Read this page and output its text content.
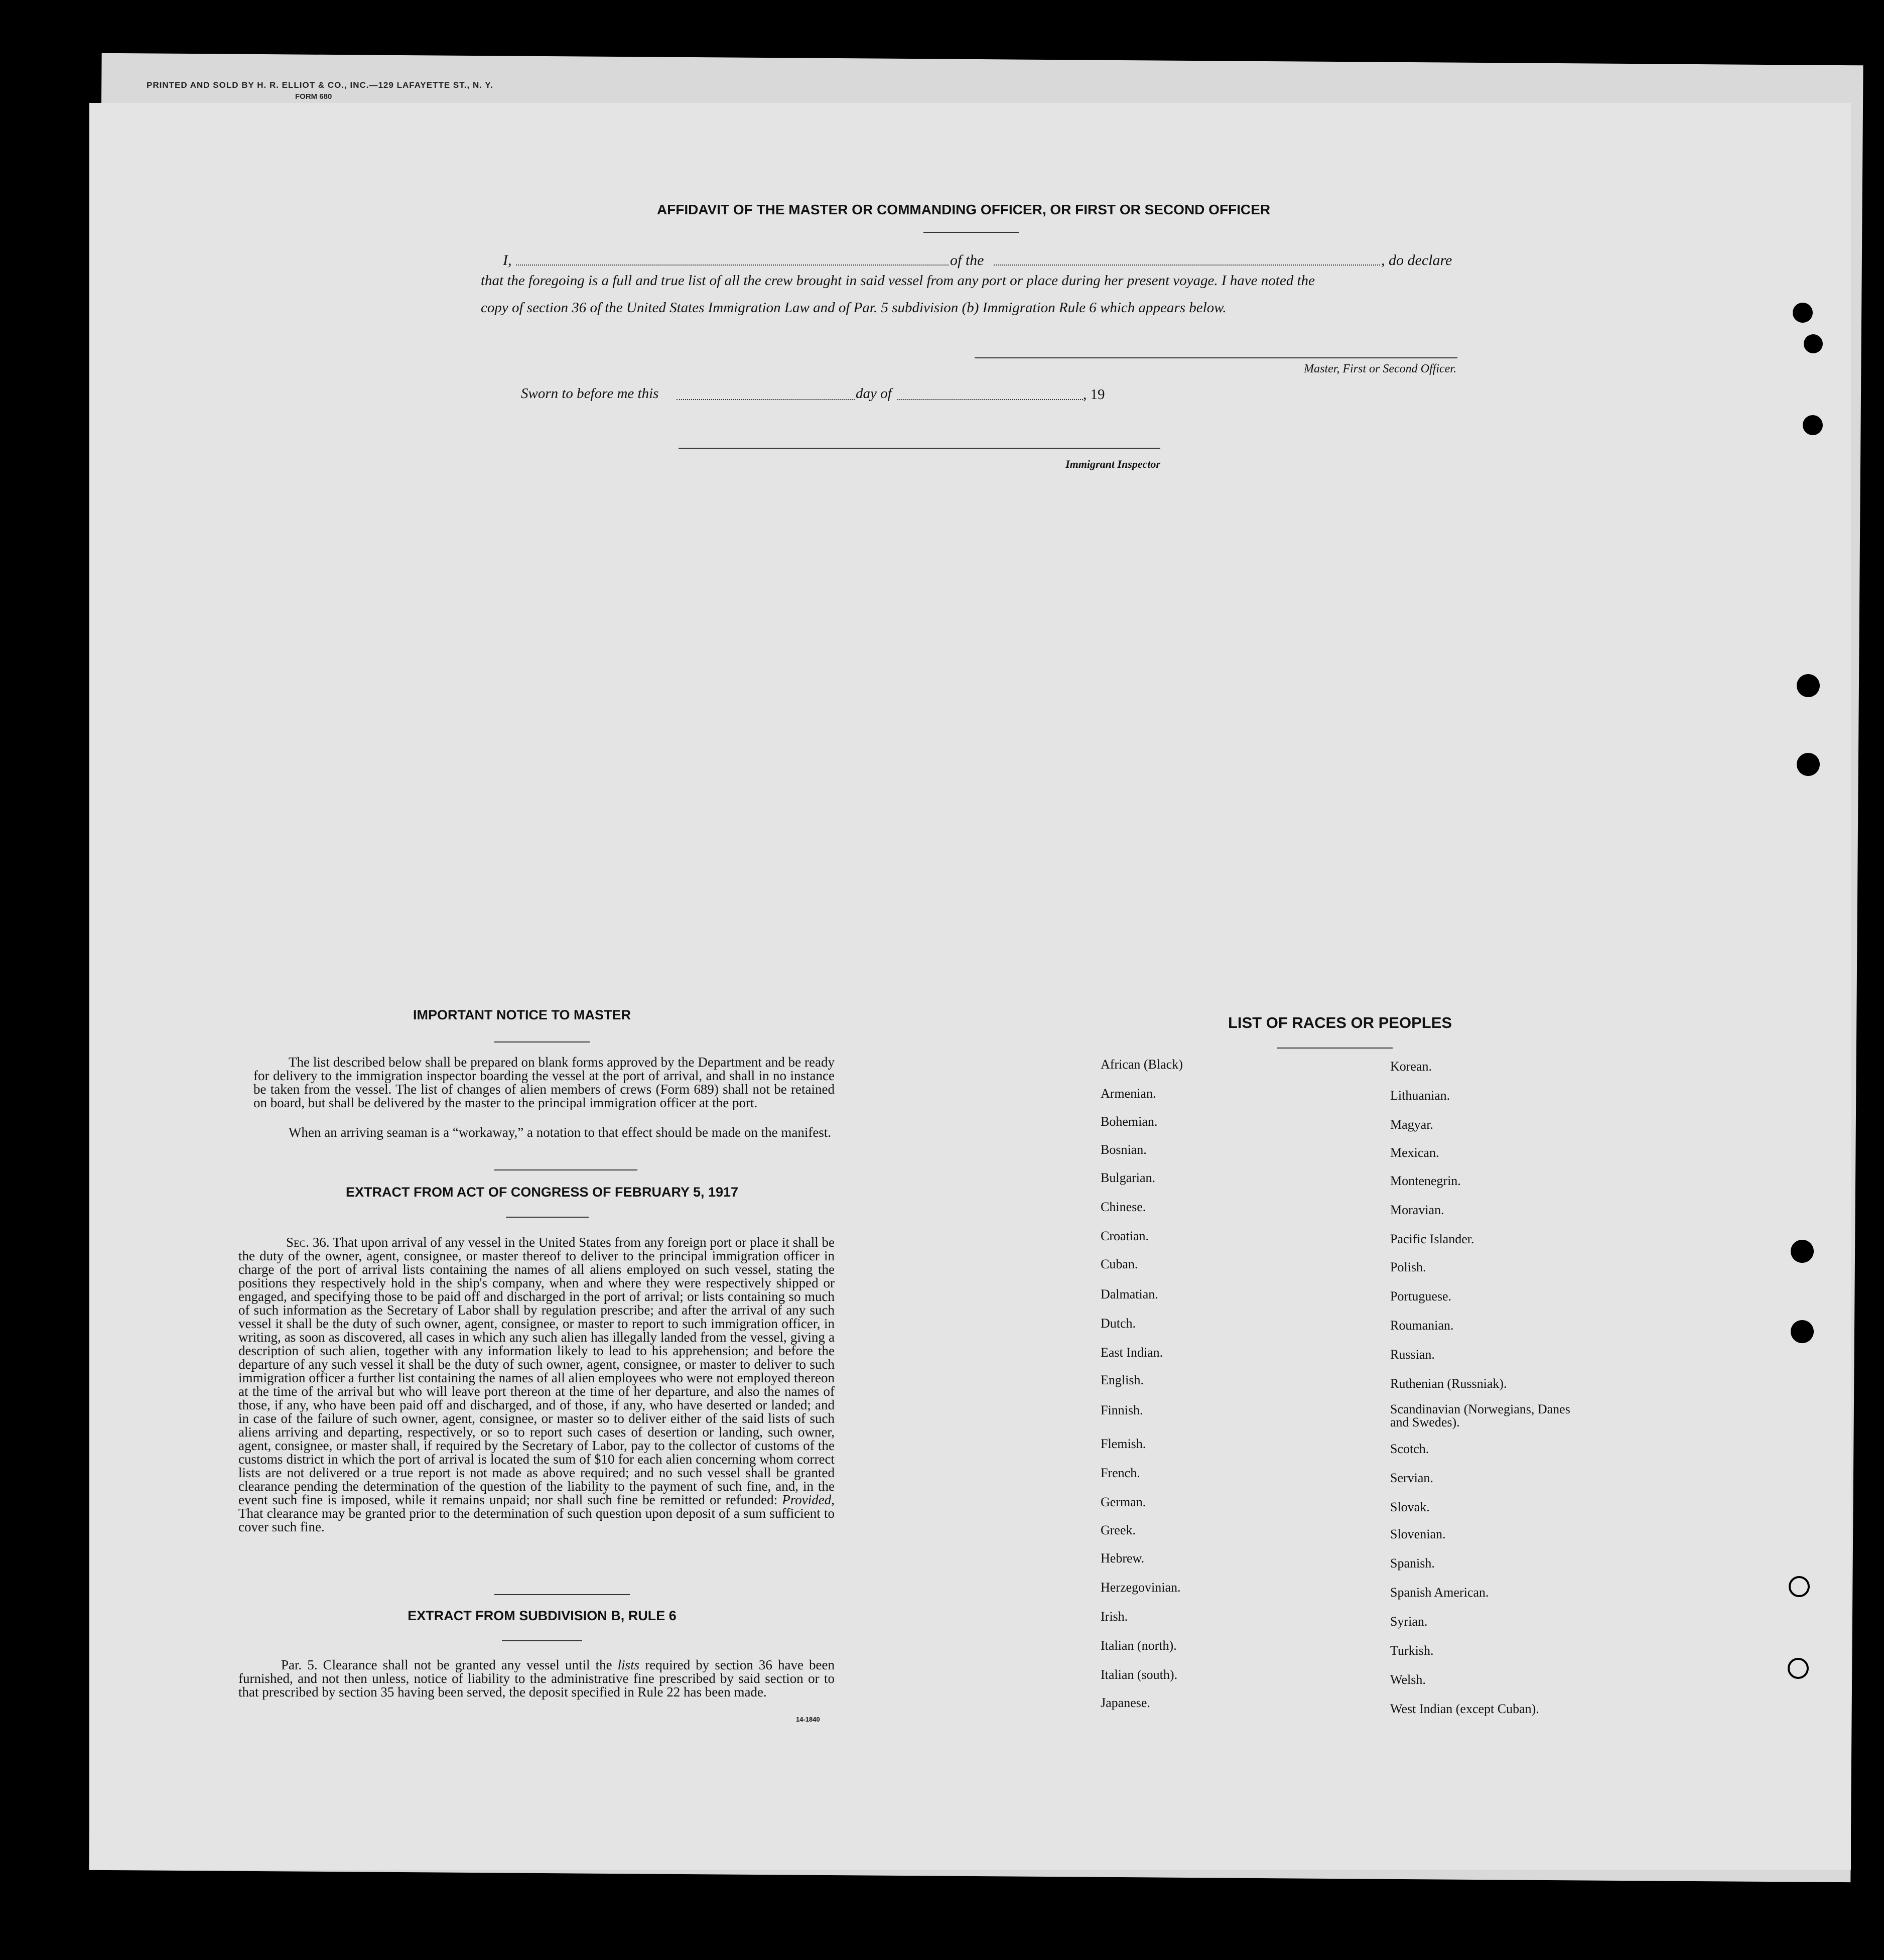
PRINTED AND SOLD BY H. R. ELLIOT & CO., INC.—129 LAFAYETTE ST., N. Y.
FORM 680
AFFIDAVIT OF THE MASTER OR COMMANDING OFFICER, OR FIRST OR SECOND OFFICER
I,	of the	, do declare
that the foregoing is a full and true list of all the crew brought in said vessel from any port or place during her present voyage. I have noted the
copy of section 36 of the United States Immigration Law and of Par. 5 subdivision (b) Immigration Rule 6 which appears below.
Master, First or Second Officer.
Sworn to before me this	day of	, 19
Immigrant Inspector
IMPORTANT NOTICE TO MASTER
The list described below shall be prepared on blank forms approved by the Department and be ready for delivery to the immigration inspector boarding the vessel at the port of arrival, and shall in no instance be taken from the vessel. The list of changes of alien members of crews (Form 689) shall not be retained on board, but shall be delivered by the master to the principal immigration officer at the port.
When an arriving seaman is a “workaway,” a notation to that effect should be made on the manifest.
EXTRACT FROM ACT OF CONGRESS OF FEBRUARY 5, 1917
Sec. 36. That upon arrival of any vessel in the United States from any foreign port or place it shall be the duty of the owner, agent, consignee, or master thereof to deliver to the principal immigration officer in charge of the port of arrival lists containing the names of all aliens employed on such vessel, stating the positions they respectively hold in the ship's company, when and where they were respectively shipped or engaged, and specifying those to be paid off and discharged in the port of arrival; or lists containing so much of such information as the Secretary of Labor shall by regulation prescribe; and after the arrival of any such vessel it shall be the duty of such owner, agent, consignee, or master to report to such immigration officer, in writing, as soon as discovered, all cases in which any such alien has illegally landed from the vessel, giving a description of such alien, together with any information likely to lead to his apprehension; and before the departure of any such vessel it shall be the duty of such owner, agent, consignee, or master to deliver to such immigration officer a further list containing the names of all alien employees who were not employed thereon at the time of the arrival but who will leave port thereon at the time of her departure, and also the names of those, if any, who have been paid off and discharged, and of those, if any, who have deserted or landed; and in case of the failure of such owner, agent, consignee, or master so to deliver either of the said lists of such aliens arriving and departing, respectively, or so to report such cases of desertion or landing, such owner, agent, consignee, or master shall, if required by the Secretary of Labor, pay to the collector of customs of the customs district in which the port of arrival is located the sum of $10 for each alien concerning whom correct lists are not delivered or a true report is not made as above required; and no such vessel shall be granted clearance pending the determination of the question of the liability to the payment of such fine, and, in the event such fine is imposed, while it remains unpaid; nor shall such fine be remitted or refunded: Provided, That clearance may be granted prior to the determination of such question upon deposit of a sum sufficient to cover such fine.
EXTRACT FROM SUBDIVISION B, RULE 6
Par. 5. Clearance shall not be granted any vessel until the lists required by section 36 have been furnished, and not then unless, notice of liability to the administrative fine prescribed by said section or to that prescribed by section 35 having been served, the deposit specified in Rule 22 has been made.
14-1840
LIST OF RACES OR PEOPLES
African (Black)
Armenian.
Bohemian.
Bosnian.
Bulgarian.
Chinese.
Croatian.
Cuban.
Dalmatian.
Dutch.
East Indian.
English.
Finnish.
Flemish.
French.
German.
Greek.
Hebrew.
Herzegovinian.
Irish.
Italian (north).
Italian (south).
Japanese.
Korean.
Lithuanian.
Magyar.
Mexican.
Montenegrin.
Moravian.
Pacific Islander.
Polish.
Portuguese.
Roumanian.
Russian.
Ruthenian (Russniak).
Scandinavian (Norwegians, Danes and Swedes).
Scotch.
Servian.
Slovak.
Slovenian.
Spanish.
Spanish American.
Syrian.
Turkish.
Welsh.
West Indian (except Cuban).
